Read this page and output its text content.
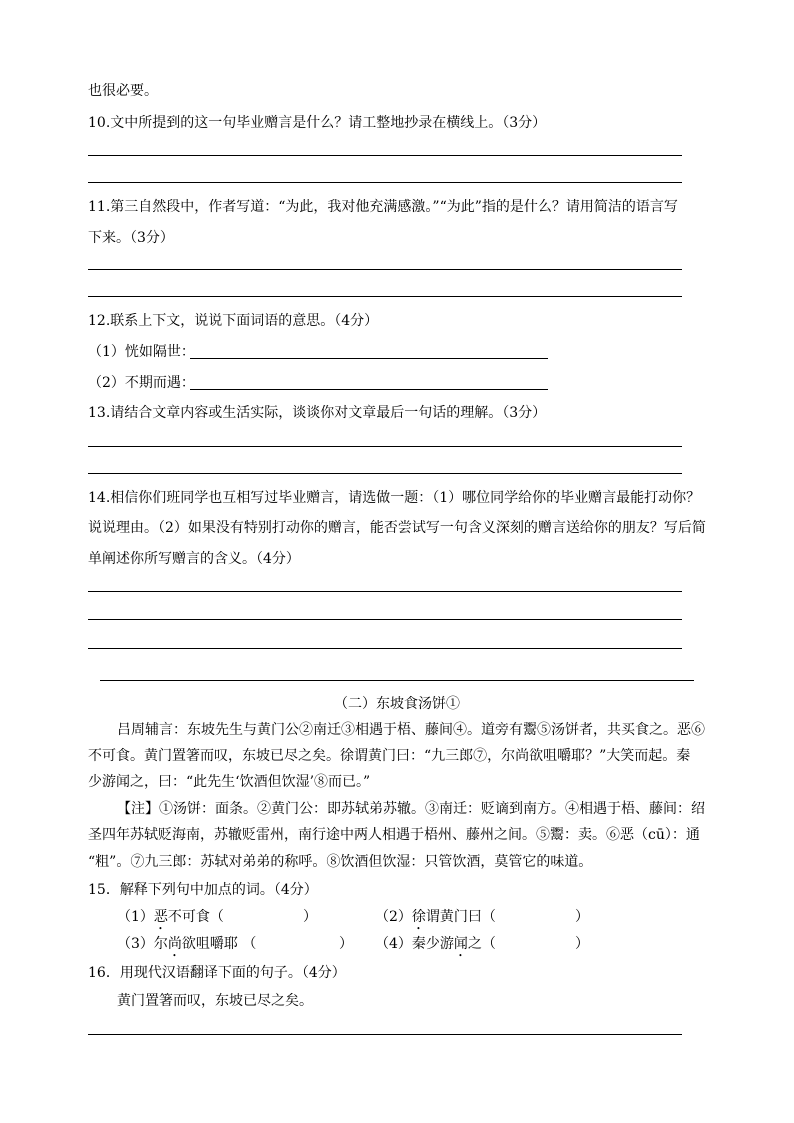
也很必要。
10.文中所提到的这一句毕业赠言是什么？请工整地抄录在横线上。（3分）
11.第三自然段中，作者写道：“为此，我对他充满感激。”“为此”指的是什么？请用简洁的语言写
下来。（3分）
12.联系上下文，说说下面词语的意思。（4分）
（1）恍如隔世：
（2）不期而遇：
13.请结合文章内容或生活实际，谈谈你对文章最后一句话的理解。（3分）
14.相信你们班同学也互相写过毕业赠言，请选做一题：（1）哪位同学给你的毕业赠言最能打动你？
说说理由。（2）如果没有特别打动你的赠言，能否尝试写一句含义深刻的赠言送给你的朋友？写后简
单阐述你所写赠言的含义。（4分）
（二）东坡食汤饼①
吕周辅言：东坡先生与黄门公②南迁③相遇于梧、藤间④。道旁有鬻⑤汤饼者，共买食之。恶⑥
不可食。黄门置箸而叹，东坡已尽之矣。徐谓黄门曰：“九三郎⑦，尔尚欲咀嚼耶？”大笑而起。秦
少游闻之，曰：“此先生‘饮酒但饮湿’⑧而已。”
【注】①汤饼：面条。②黄门公：即苏轼弟苏辙。③南迁：贬谪到南方。④相遇于梧、藤间：绍
圣四年苏轼贬海南，苏辙贬雷州，南行途中两人相遇于梧州、藤州之间。⑤鬻：卖。⑥恶（cū）：通
“粗”。⑦九三郎：苏轼对弟弟的称呼。⑧饮酒但饮湿：只管饮酒，莫管它的味道。
15．解释下列句中加点的词。（4分）
（1）恶不可食（	）	（2）徐谓黄门曰（	）
（3）尔尚欲咀嚼耶 （	） （4）秦少游闻之（	）
16．用现代汉语翻译下面的句子。（4分）
黄门置箸而叹，东坡已尽之矣。
